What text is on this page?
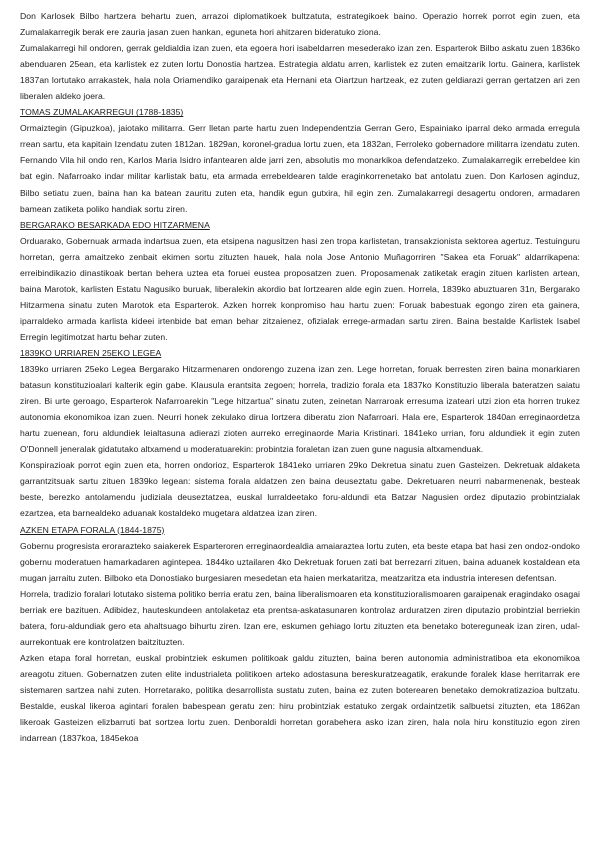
Don Karlosek Bilbo hartzera behartu zuen, arrazoi diplomatikoek bultzatuta, estrategikoek baino. Operazio horrek porrot egin zuen, eta Zumalakarregik berak ere zauria jasan zuen hankan, eguneta hori ahitzaren bideratuko ziona.

Zumalakarregi hil ondoren, gerrak geldialdia izan zuen, eta egoera hori isabeldarren mesederako izan zen. Esparterok Bilbo askatu zuen 1836ko abenduaren 25ean, eta karlistek ez zuten lortu Donostia hartzea. Estrategia aldatu arren, karlistek ez zuten emaitzarik lortu. Gainera, karlistek 1837an lortutako arrakastek, hala nola Oriamendiko garaipenak eta Hernani eta Oiartzun hartzeak, ez zuten geldiarazi gerran gertatzen ari zen liberalen aldeko joera.

TOMAS ZUMALAKARREGUI (1788-1835)

Ormaiztegin (Gipuzkoa), jaiotako militarra. Gerr lletan parte hartu zuen Independentzia Gerran Gero, Espainiako iparral deko armada erregula rrean sartu, eta kapitain Izendatu zuten 1812an. 1829an, koronel-gradua lortu zuen, eta 1832an, Ferroleko gobernadore militarra izendatu zuten. Fernando Vila hil ondo ren, Karlos Maria Isidro infantearen alde jarri zen, absolutis mo monarkikoa defendatzeko. Zumalakarregik errebeldee kin bat egin. Nafarroako indar militar karlistak batu, eta armada errebeldearen talde eraginkorrenetako bat antolatu zuen. Don Karlosen aginduz, Bilbo setiatu zuen, baina han ka batean zauritu zuten eta, handik egun gutxira, hil egin zen. Zumalakarregi desagertu ondoren, armadaren bamean zatiketa poliko handiak sortu ziren.

BERGARAKO BESARKADA EDO HITZARMENA

Orduarako, Gobernuak armada indartsua zuen, eta etsipena nagusitzen hasi zen tropa karlistetan, transakzionista sektorea agertuz. Testuinguru horretan, gerra amaitzeko zenbait ekimen sortu zituzten hauek, hala nola Jose Antonio Muñagorriren "Sakea eta Foruak" aldarrikapena: erreibindikazio dinastikoak bertan behera uztea eta foruei eustea proposatzen zuen. Proposamenak zatiketak eragin zituen karlisten artean, baina Marotok, karlisten Estatu Nagusiko buruak, liberalekin akordio bat lortzearen alde egin zuen. Horrela, 1839ko abuztuaren 31n, Bergarako Hitzarmena sinatu zuten Marotok eta Esparterok. Azken horrek konpromiso hau hartu zuen: Foruak babestuak egongo ziren eta gainera, iparraldeko armada karlista kideei irtenbide bat eman behar zitzaienez, ofizialak errege-armadan sartu ziren. Baina bestalde Karlistek Isabel Erregin legitimotzat hartu behar zuten.

1839KO URRIAREN 25EKO LEGEA

1839ko urriaren 25eko Legea Bergarako Hitzarmenaren ondorengo zuzena izan zen. Lege horretan, foruak berresten ziren baina monarkiaren batasun konstituzioalari kalterik egin gabe. Klausula erantsita zegoen; horrela, tradizio forala eta 1837ko Konstituzio liberala bateratzen saiatu ziren. Bi urte geroago, Esparterok Nafarroarekin "Lege hitzartua" sinatu zuten, zeinetan Narraroak erresuma izateari utzi zion eta horren trukez autonomia ekonomikoa izan zuen. Neurri honek zekulako dirua lortzera diberatu zion Nafarroari. Hala ere, Esparterok 1840an erreginaordetza hartu zuenean, foru aldundiek leialtasuna adierazi zioten aurreko erreginaorde Maria Kristinari. 1841eko urrian, foru aldundiek it egin zuten O'Donnell jeneralak gidatutako altxamend u moderatuarekin: probintzia foraletan izan zuen gune nagusia altxamenduak.

Konspirazioak porrot egin zuen eta, horren ondorioz, Esparterok 1841eko urriaren 29ko Dekretua sinatu zuen Gasteizen. Dekretuak aldaketa garrantzitsuak sartu zituen 1839ko legean: sistema forala aldatzen zen baina deuseztatu gabe. Dekretuaren neurri nabarmenenak, besteak beste, berezko antolamendu judiziala deuseztatzea, euskal lurraldeetako foru-aldundi eta Batzar Nagusien ordez diputazio probintzialak ezartzea, eta barnealdeko aduanak kostaldeko mugetara aldatzea izan ziren.

AZKEN ETAPA FORALA (1844-1875)

Gobernu progresista erorarazteko saiakerek Esparteroren erreginaordealdia amaiaraztea lortu zuten, eta beste etapa bat hasi zen ondoz-ondoko gobernu moderatuen hamarkadaren agintepea. 1844ko uztailaren 4ko Dekretuak foruen zati bat berrezarri zituen, baina aduanek kostaldean eta mugan jarraitu zuten. Bilboko eta Donostiako burgesiaren mesedetan eta haien merkataritza, meatzaritza eta industria interesen defentsan.

Horrela, tradizio foralari lotutako sistema politiko berria eratu zen, baina liberalismoaren eta konstituzioralismoaren garaipenak eragindako osagai berriak ere bazituen. Adibidez, hauteskundeen antolaketaz eta prentsa-askatasunaren kontrolaz arduratzen ziren diputazio probintzial berriekin batera, foru-aldundiak gero eta ahaltsuago bihurtu ziren. Izan ere, eskumen gehiago lortu zituzten eta benetako botereguneak izan ziren, udal-aurrekontuak ere kontrolatzen baitzituzten.

Azken etapa foral horretan, euskal probintziek eskumen politikoak galdu zituzten, baina beren autonomia administratiboa eta ekonomikoa areagotu zituen. Gobernatzen zuten elite industrialeta politikoen arteko adostasuna bereskuratzeagatik, erakunde foralek klase herritarrak ere sistemaren sartzea nahi zuten. Horretarako, politika desarrollista sustatu zuten, baina ez zuten boterearen benetako demokratizazioa bultzatu. Bestalde, euskal likeroa agintari foralen babespean geratu zen: hiru probintziak estatuko zergak ordaintzetik salbuetsi zituzten, eta 1862an likeroak Gasteizen elizbarruti bat sortzea lortu zuen. Denboraldi horretan gorabehera asko izan ziren, hala nola hiru konstituzio egon ziren indarrean (1837koa, 1845ekoa
